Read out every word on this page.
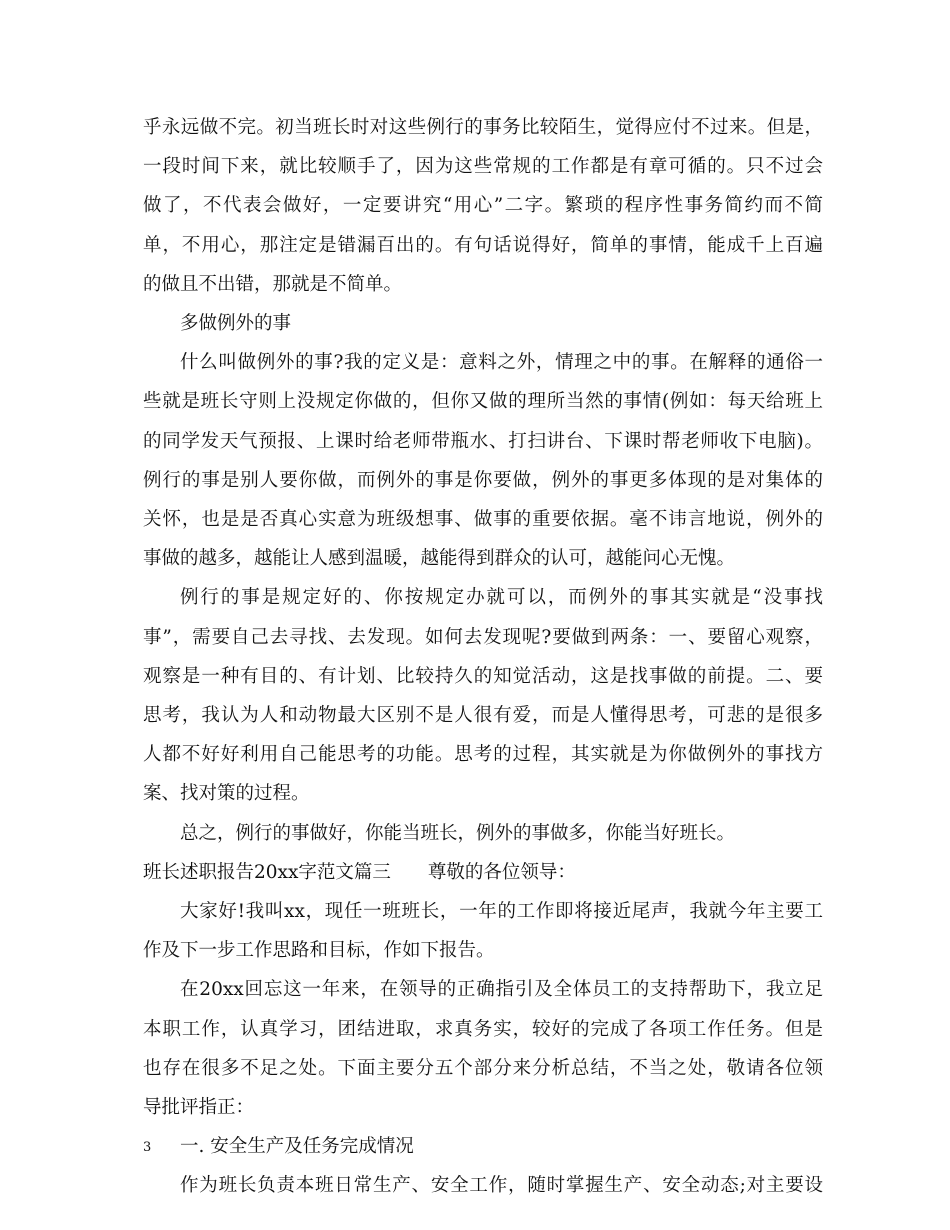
乎永远做不完。初当班长时对这些例行的事务比较陌生，觉得应付不过来。但是，
一段时间下来，就比较顺手了，因为这些常规的工作都是有章可循的。只不过会
做了，不代表会做好，一定要讲究“用心”二字。繁琐的程序性事务简约而不简
单，不用心，那注定是错漏百出的。有句话说得好，简单的事情，能成千上百遍
的做且不出错，那就是不简单。
多做例外的事
什么叫做例外的事?我的定义是：意料之外，情理之中的事。在解释的通俗一
些就是班长守则上没规定你做的，但你又做的理所当然的事情(例如：每天给班上
的同学发天气预报、上课时给老师带瓶水、打扫讲台、下课时帮老师收下电脑)。
例行的事是别人要你做，而例外的事是你要做，例外的事更多体现的是对集体的
关怀，也是是否真心实意为班级想事、做事的重要依据。毫不讳言地说，例外的
事做的越多，越能让人感到温暖，越能得到群众的认可，越能问心无愧。
例行的事是规定好的、你按规定办就可以，而例外的事其实就是“没事找
事”，需要自己去寻找、去发现。如何去发现呢?要做到两条：一、要留心观察，
观察是一种有目的、有计划、比较持久的知觉活动，这是找事做的前提。二、要
思考，我认为人和动物最大区别不是人很有爱，而是人懂得思考，可悲的是很多
人都不好好利用自己能思考的功能。思考的过程，其实就是为你做例外的事找方
案、找对策的过程。
总之，例行的事做好，你能当班长，例外的事做多，你能当好班长。
班长述职报告20xx字范文篇三　　尊敬的各位领导：
大家好!我叫xx，现任一班班长，一年的工作即将接近尾声，我就今年主要工
作及下一步工作思路和目标，作如下报告。
在20xx回忘这一年来，在领导的正确指引及全体员工的支持帮助下，我立足
本职工作，认真学习，团结进取，求真务实，较好的完成了各项工作任务。但是
也存在很多不足之处。下面主要分五个部分来分析总结，不当之处，敬请各位领
导批评指正：
一. 安全生产及任务完成情况
作为班长负责本班日常生产、安全工作，随时掌握生产、安全动态;对主要设
3
